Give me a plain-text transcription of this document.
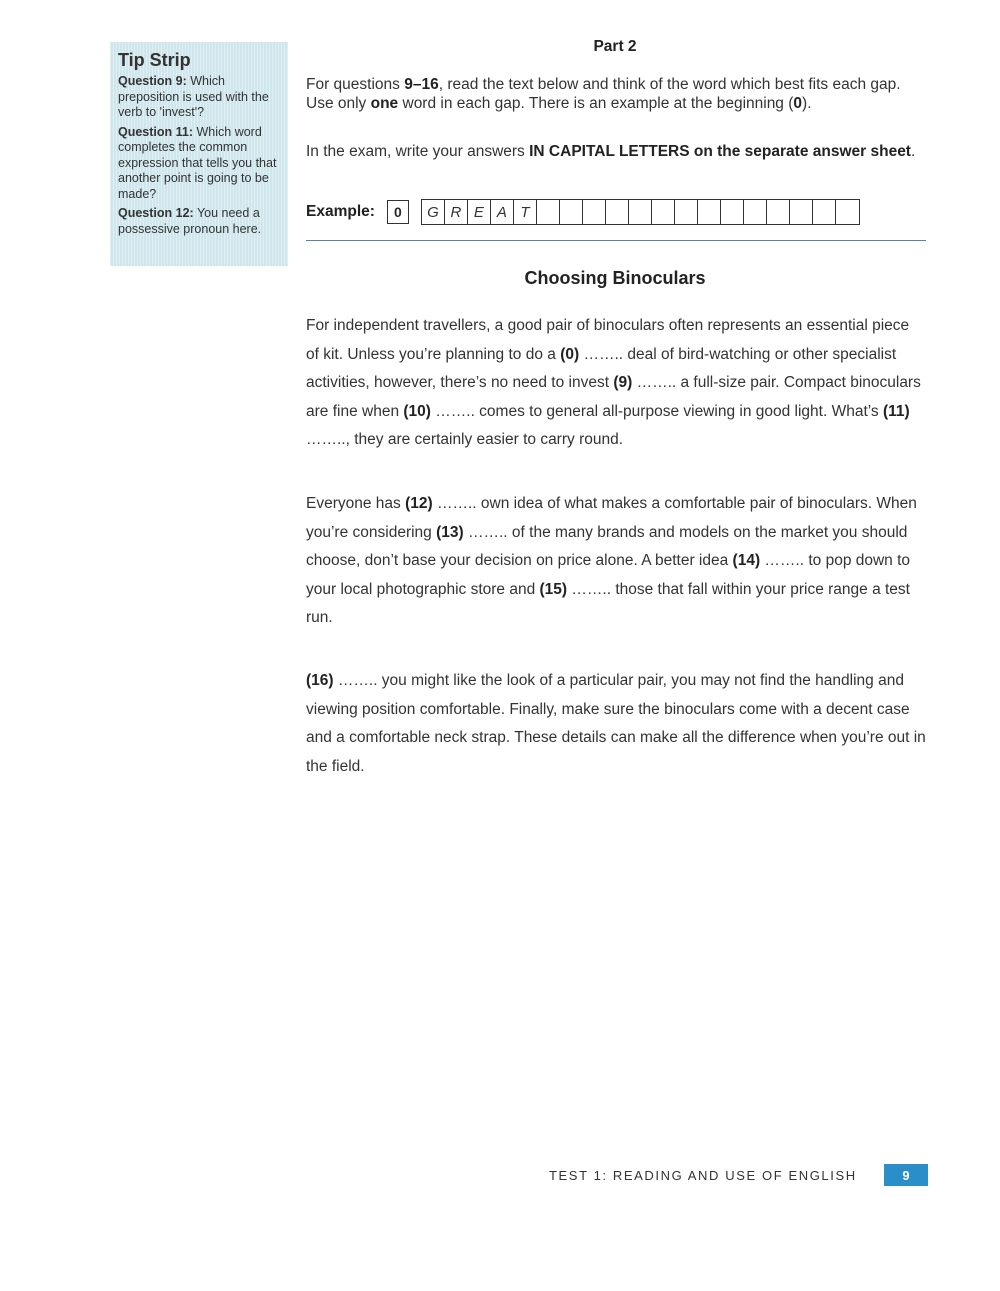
Tip Strip
Question 9: Which preposition is used with the verb to 'invest'?
Question 11: Which word completes the common expression that tells you that another point is going to be made?
Question 12: You need a possessive pronoun here.
Part 2
For questions 9–16, read the text below and think of the word which best fits each gap. Use only one word in each gap. There is an example at the beginning (0).
In the exam, write your answers IN CAPITAL LETTERS on the separate answer sheet.
Example:	0	G R E A T
Choosing Binoculars
For independent travellers, a good pair of binoculars often represents an essential piece of kit. Unless you’re planning to do a (0) …….. deal of bird-watching or other specialist activities, however, there’s no need to invest (9) …….. a full-size pair. Compact binoculars are fine when (10) …….. comes to general all-purpose viewing in good light. What’s (11) …….., they are certainly easier to carry round.
Everyone has (12) …….. own idea of what makes a comfortable pair of binoculars. When you’re considering (13) …….. of the many brands and models on the market you should choose, don’t base your decision on price alone. A better idea (14) …….. to pop down to your local photographic store and (15) …….. those that fall within your price range a test run.
(16) …….. you might like the look of a particular pair, you may not find the handling and viewing position comfortable. Finally, make sure the binoculars come with a decent case and a comfortable neck strap. These details can make all the difference when you’re out in the field.
TEST 1: READING AND USE OF ENGLISH	9
